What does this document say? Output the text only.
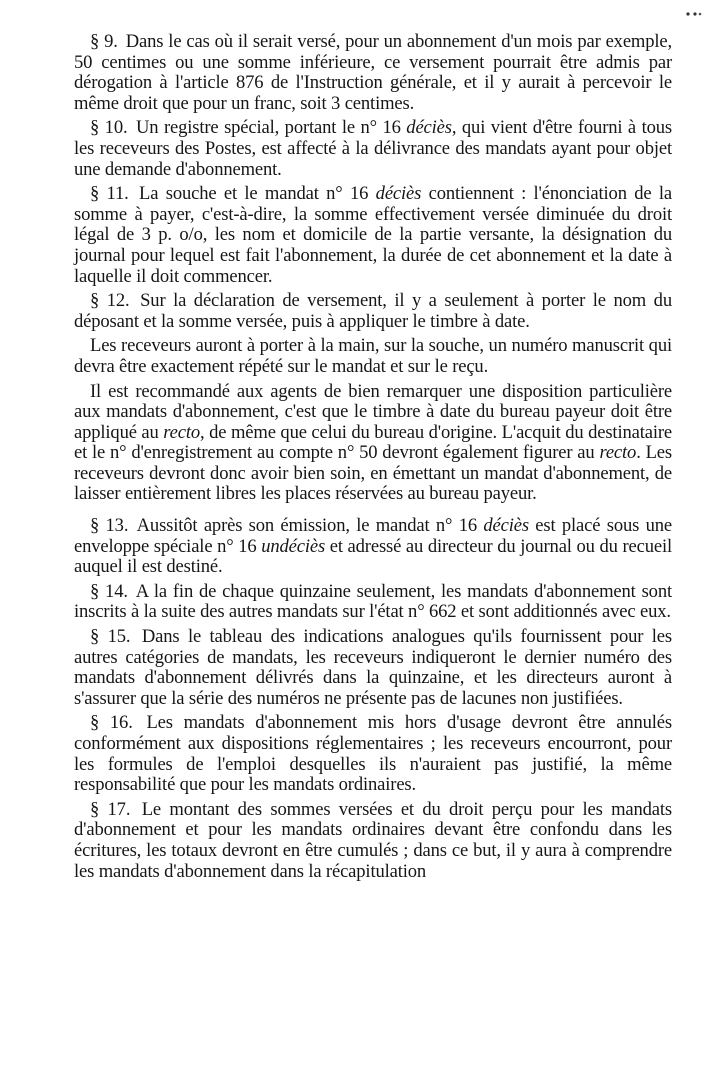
§ 9. Dans le cas où il serait versé, pour un abonnement d'un mois par exemple, 50 centimes ou une somme inférieure, ce versement pourrait être admis par dérogation à l'article 876 de l'Instruction générale, et il y aurait à percevoir le même droit que pour un franc, soit 3 centimes.

§ 10. Un registre spécial, portant le n° 16 déciès, qui vient d'être fourni à tous les receveurs des Postes, est affecté à la délivrance des mandats ayant pour objet une demande d'abonnement.

§ 11. La souche et le mandat n° 16 déciès contiennent : l'énonciation de la somme à payer, c'est-à-dire, la somme effectivement versée diminuée du droit légal de 3 p. o/o, les nom et domicile de la partie versante, la désignation du journal pour lequel est fait l'abonnement, la durée de cet abonnement et la date à laquelle il doit commencer.

§ 12. Sur la déclaration de versement, il y a seulement à porter le nom du déposant et la somme versée, puis à appliquer le timbre à date.

Les receveurs auront à porter à la main, sur la souche, un numéro manuscrit qui devra être exactement répété sur le mandat et sur le reçu.

Il est recommandé aux agents de bien remarquer une disposition particulière aux mandats d'abonnement, c'est que le timbre à date du bureau payeur doit être appliqué au recto, de même que celui du bureau d'origine. L'acquit du destinataire et le n° d'enregistrement au compte n° 50 devront également figurer au recto. Les receveurs devront donc avoir bien soin, en émettant un mandat d'abonnement, de laisser entièrement libres les places réservées au bureau payeur.

§ 13. Aussitôt après son émission, le mandat n° 16 déciès est placé sous une enveloppe spéciale n° 16 undéciès et adressé au directeur du journal ou du recueil auquel il est destiné.

§ 14. A la fin de chaque quinzaine seulement, les mandats d'abonnement sont inscrits à la suite des autres mandats sur l'état n° 662 et sont additionnés avec eux.

§ 15. Dans le tableau des indications analogues qu'ils fournissent pour les autres catégories de mandats, les receveurs indiqueront le dernier numéro des mandats d'abonnement délivrés dans la quinzaine, et les directeurs auront à s'assurer que la série des numéros ne présente pas de lacunes non justifiées.

§ 16. Les mandats d'abonnement mis hors d'usage devront être annulés conformément aux dispositions réglementaires ; les receveurs encourront, pour les formules de l'emploi desquelles ils n'auraient pas justifié, la même responsabilité que pour les mandats ordinaires.

§ 17. Le montant des sommes versées et du droit perçu pour les mandats d'abonnement et pour les mandats ordinaires devant être confondu dans les écritures, les totaux devront en être cumulés ; dans ce but, il y aura à comprendre les mandats d'abonnement dans la récapitulation
